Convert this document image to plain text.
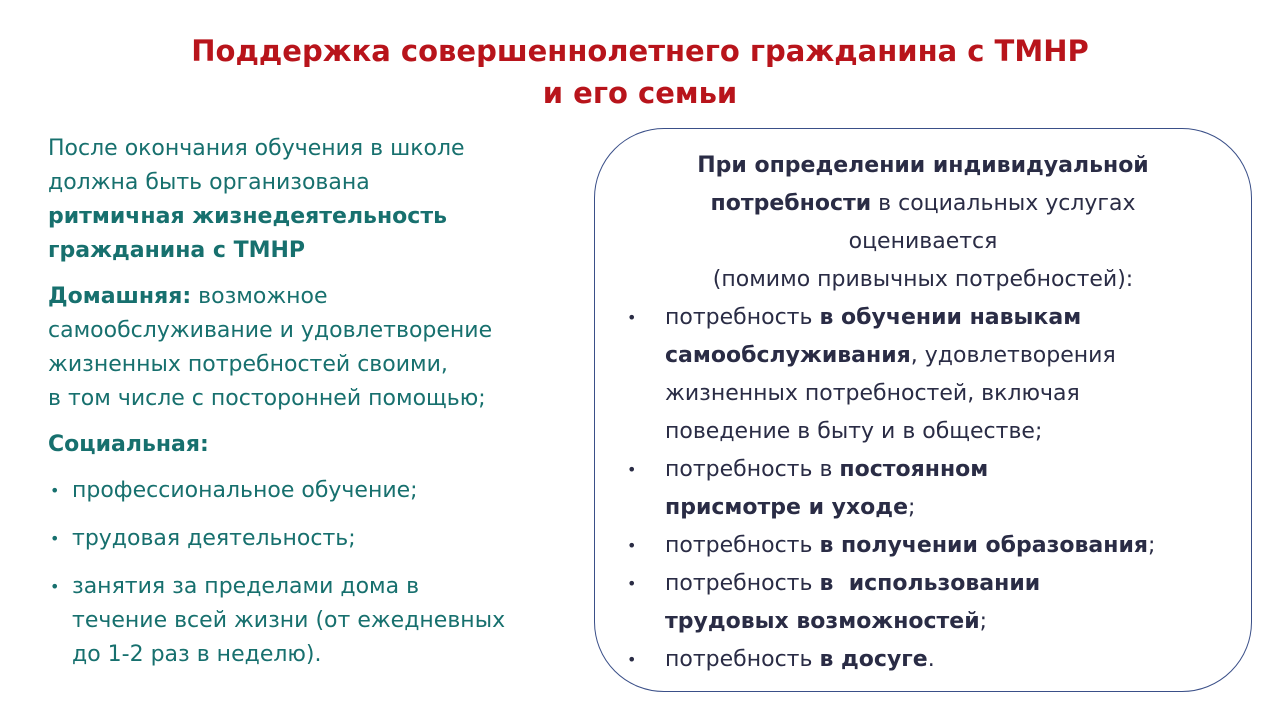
Поддержка совершеннолетнего гражданина с ТМНР
и его семьи

После окончания обучения в школе
должна быть организована
ритмичная жизнедеятельность
гражданина с ТМНР

Домашняя: возможное
самообслуживание и удовлетворение
жизненных потребностей своими,
в том числе с посторонней помощью;

Социальная:

• профессиональное обучение;
• трудовая деятельность;
• занятия за пределами дома в
течение всей жизни (от ежедневных
до 1-2 раз в неделю).
При определении индивидуальной
потребности в социальных услугах
оценивается
(помимо привычных потребностей):
• потребность в обучении навыкам
самообслуживания, удовлетворения
жизненных потребностей, включая
поведение в быту и в обществе;
• потребность в постоянном
присмотре и уходе;
• потребность в получении образования;
• потребность в  использовании
трудовых возможностей;
• потребность в досуге.
